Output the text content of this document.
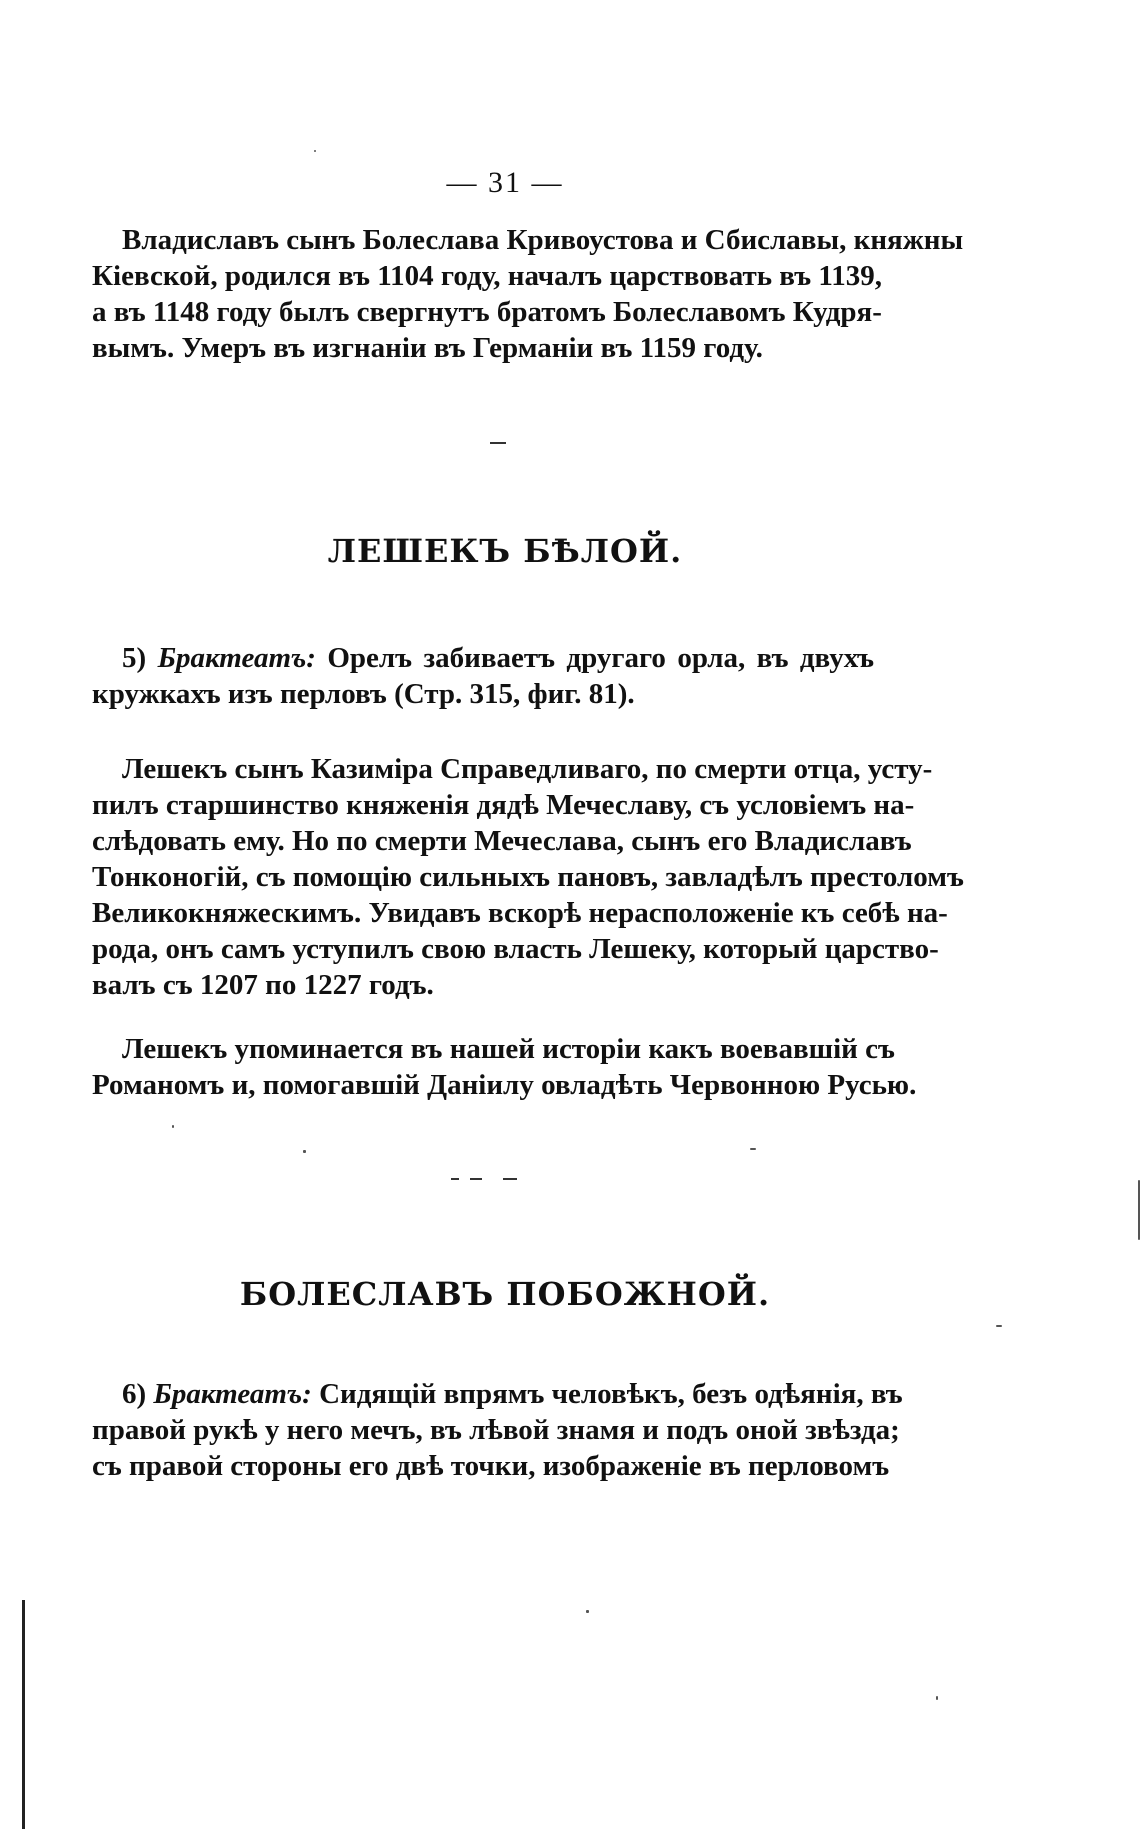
— 31 —
Владиславъ сынъ Болеслава Кривоустова и Сбиславы, княжны
Кіевской, родился въ 1104 году, началъ царствовать въ 1139,
а въ 1148 году былъ свергнутъ братомъ Болеславомъ Кудря-
вымъ. Умеръ въ изгнаніи въ Германіи въ 1159 году.
ЛЕШЕКЪ БѢЛОЙ.
5) Брактеатъ: Орелъ забиваетъ другаго орла, въ двухъ
кружкахъ изъ перловъ (Стр. 315, фиг. 81).
Лешекъ сынъ Казиміра Справедливаго, по смерти отца, усту-
пилъ старшинство княженія дядѣ Мечеславу, съ условіемъ на-
слѣдовать ему. Но по смерти Мечеслава, сынъ его Владиславъ
Тонконогій, съ помощію сильныхъ пановъ, завладѣлъ престоломъ
Великокняжескимъ. Увидавъ вскорѣ нерасположеніе къ себѣ на-
рода, онъ самъ уступилъ свою власть Лешеку, который царство-
валъ съ 1207 по 1227 годъ.
Лешекъ упоминается въ нашей исторіи какъ воевавшій съ
Романомъ и, помогавшій Даніилу овладѣть Червонною Русью.
БОЛЕСЛАВЪ ПОБОЖНОЙ.
6) Брактеатъ: Сидящій впрямъ человѣкъ, безъ одѣянія, въ
правой рукѣ у него мечъ, въ лѣвой знамя и подъ оной звѣзда;
съ правой стороны его двѣ точки, изображеніе въ перловомъ
